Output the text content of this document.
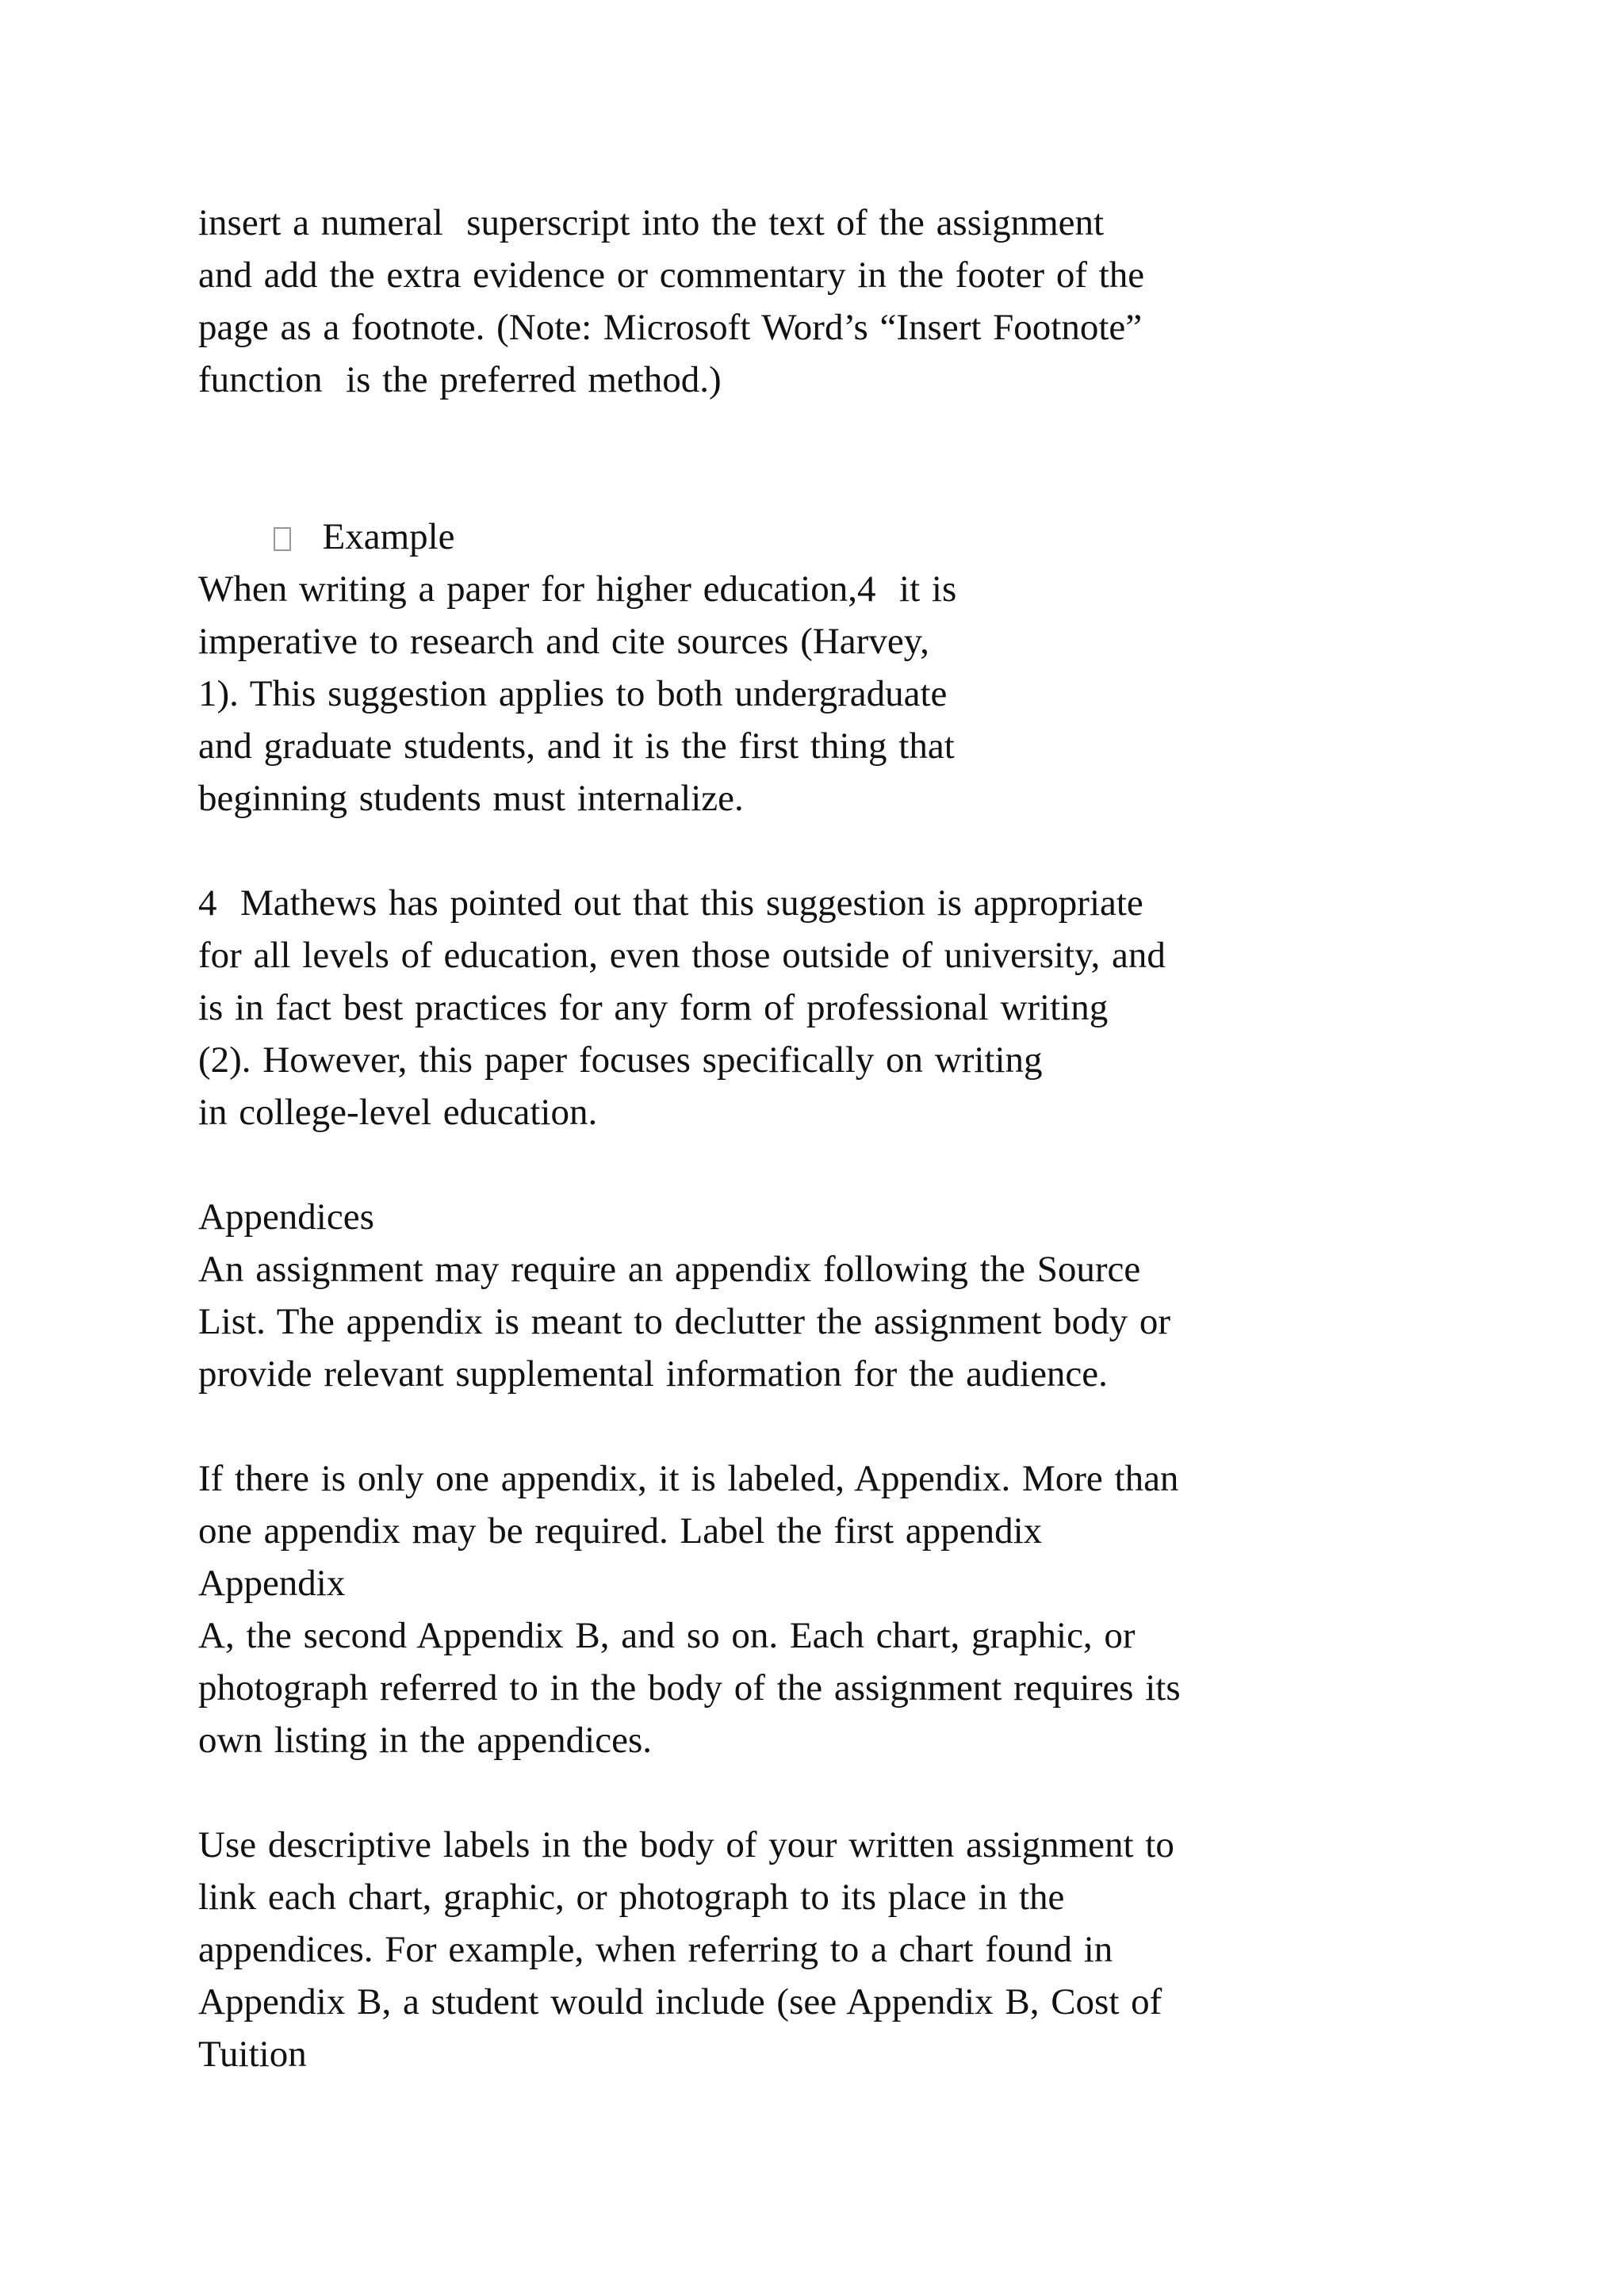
insert a numeral  superscript into the text of the assignment
and add the extra evidence or commentary in the footer of the
page as a footnote. (Note: Microsoft Word’s “Insert Footnote”
function  is the preferred method.)

Example

When writing a paper for higher education,4  it is
imperative to research and cite sources (Harvey,
1). This suggestion applies to both undergraduate
and graduate students, and it is the first thing that
beginning students must internalize.
4  Mathews has pointed out that this suggestion is appropriate
for all levels of education, even those outside of university, and
is in fact best practices for any form of professional writing
(2). However, this paper focuses specifically on writing
in college-level education.
Appendices
An assignment may require an appendix following the Source
List. The appendix is meant to declutter the assignment body or
provide relevant supplemental information for the audience.
If there is only one appendix, it is labeled, Appendix. More than
one appendix may be required. Label the first appendix
Appendix
A, the second Appendix B, and so on. Each chart, graphic, or
photograph referred to in the body of the assignment requires its
own listing in the appendices.
Use descriptive labels in the body of your written assignment to
link each chart, graphic, or photograph to its place in the
appendices. For example, when referring to a chart found in
Appendix B, a student would include (see Appendix B, Cost of
Tuition
